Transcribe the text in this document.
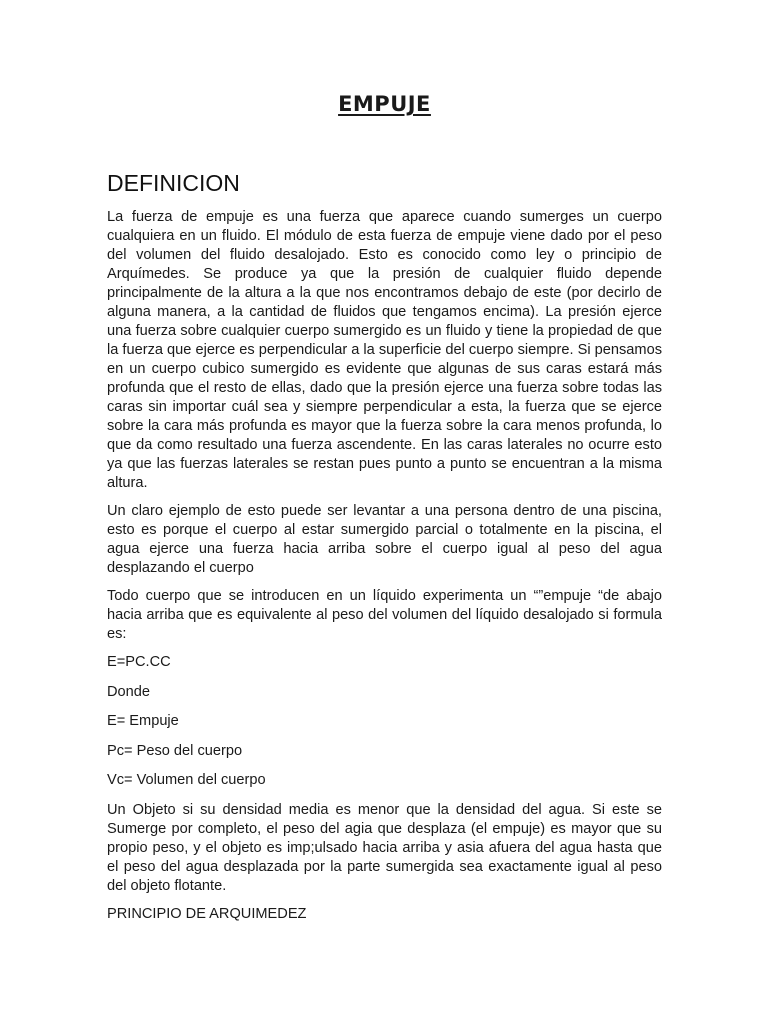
EMPUJE
DEFINICION

La fuerza de empuje es una fuerza que aparece cuando sumerges un cuerpo cualquiera en un fluido. El módulo de esta fuerza de empuje viene dado por el peso del volumen del fluido desalojado. Esto es conocido como ley o principio de Arquímedes. Se produce ya que la presión de cualquier fluido depende principalmente de la altura a la que nos encontramos debajo de este (por decirlo de alguna manera, a la cantidad de fluidos que tengamos encima). La presión ejerce una fuerza sobre cualquier cuerpo sumergido es un fluido y tiene la propiedad de que la fuerza que ejerce es perpendicular a la superficie del cuerpo siempre. Si pensamos en un cuerpo cubico sumergido es evidente que algunas de sus caras estará más profunda que el resto de ellas, dado que la presión ejerce una fuerza sobre todas las caras sin importar cuál sea y siempre perpendicular a esta, la fuerza que se ejerce sobre la cara más profunda es mayor que la fuerza sobre la cara menos profunda, lo que da como resultado una fuerza ascendente. En las caras laterales no ocurre esto ya que las fuerzas laterales se restan pues punto a punto se encuentran a la misma altura.

Un claro ejemplo de esto puede ser levantar a una persona dentro de una piscina, esto es porque el cuerpo al estar sumergido parcial o totalmente en la piscina, el agua ejerce una fuerza hacia arriba sobre el cuerpo igual al peso del agua desplazando el cuerpo

Todo cuerpo que se introducen en un líquido experimenta un “”empuje “de abajo hacia arriba que es equivalente al peso del volumen del líquido desalojado si formula es:

E=PC.CC

Donde

E= Empuje

Pc= Peso del cuerpo

Vc= Volumen del cuerpo

Un Objeto si su densidad media es menor que la densidad del agua. Si este se Sumerge por completo, el peso del agia que desplaza (el empuje) es mayor que su propio peso, y el objeto es imp;ulsado hacia arriba y asia afuera del agua hasta que el peso del agua desplazada por la parte sumergida sea exactamente igual al peso del objeto flotante.

PRINCIPIO DE ARQUIMEDEZ
